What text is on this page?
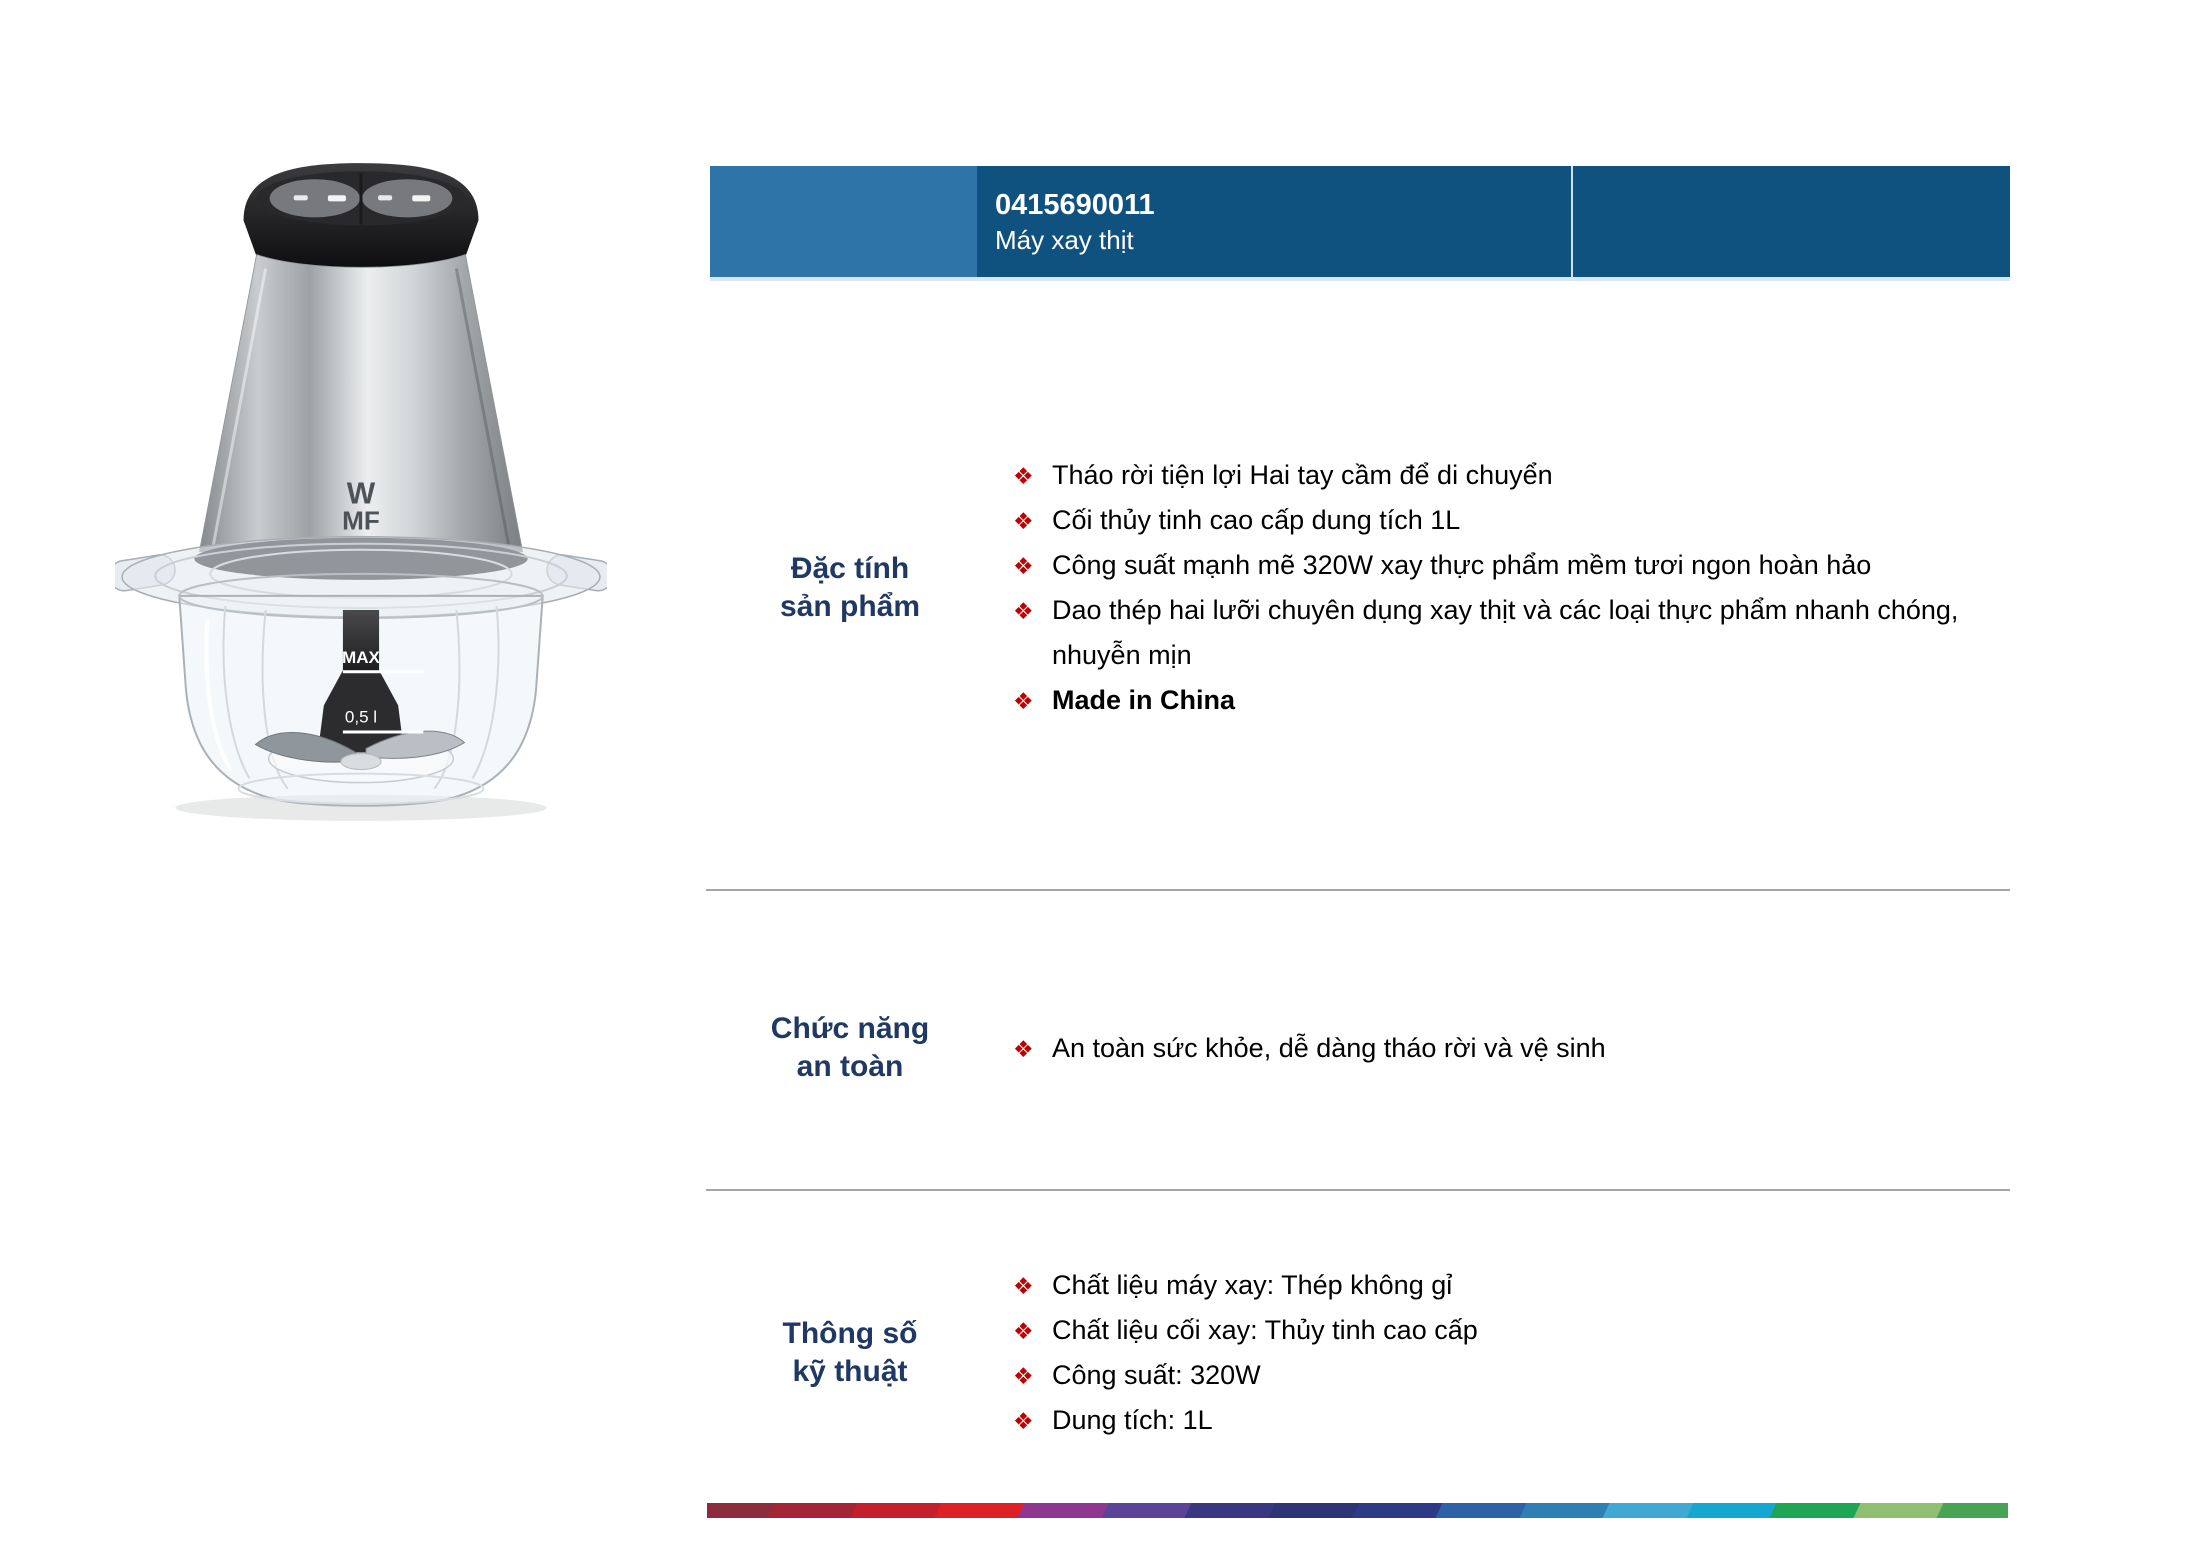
W
MF
MAX
0,5 l
0415690011
Máy xay thịt
Đặc tính
sản phẩm
❖ Tháo rời tiện lợi Hai tay cầm để di chuyển
❖ Cối thủy tinh cao cấp dung tích 1L
❖ Công suất mạnh mẽ 320W xay thực phẩm mềm tươi ngon hoàn hảo
❖ Dao thép hai lưỡi chuyên dụng xay thịt và các loại thực phẩm nhanh chóng,
nhuyễn mịn
❖ Made in China
Chức năng
an toàn
❖ An toàn sức khỏe, dễ dàng tháo rời và vệ sinh
Thông số
kỹ thuật
❖ Chất liệu máy xay: Thép không gỉ
❖ Chất liệu cối xay: Thủy tinh cao cấp
❖ Công suất: 320W
❖ Dung tích: 1L
